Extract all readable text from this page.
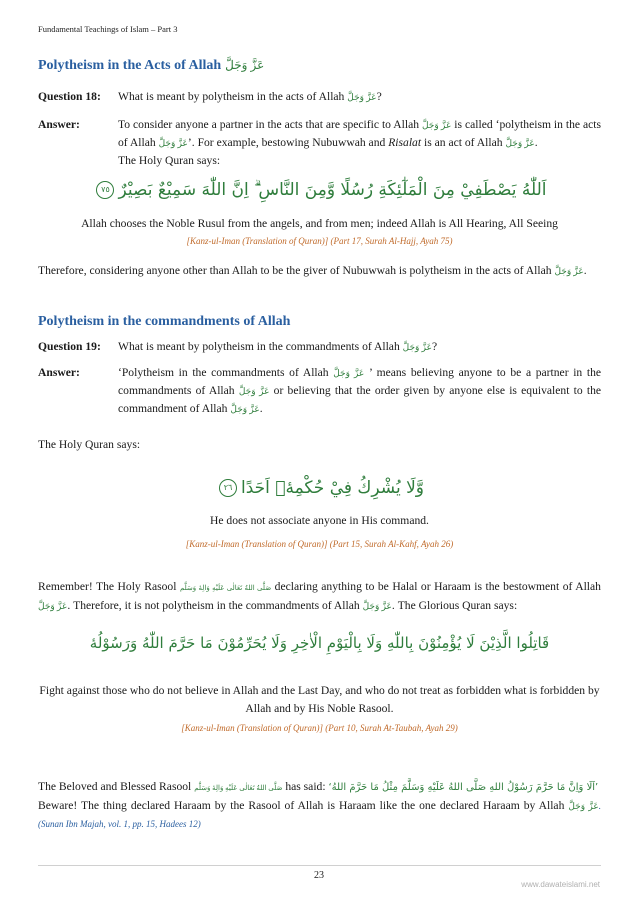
Fundamental Teachings of Islam – Part 3
Polytheism in the Acts of Allah عَزَّ وَجَلَّ
Question 18: What is meant by polytheism in the acts of Allah عَزَّ وَجَلَّ?
Answer:	To consider anyone a partner in the acts that are specific to Allah عَزَّ وَجَلَّ is called ‘polytheism in the acts of Allah عَزَّ وَجَلَّ’. For example, bestowing Nubuwwah and Risalat is an act of Allah عَزَّ وَجَلَّ.
The Holy Quran says:
اَللّٰهُ يَصْطَفِيْ مِنَ الْمَلٰٓئِكَةِ رُسُلًا وَّمِنَ النَّاسِ ۗ اِنَّ اللّٰهَ سَمِيْعٌ بَصِيْرٌ٧٥
Allah chooses the Noble Rusul from the angels, and from men; indeed Allah is All Hearing, All Seeing
[Kanz-ul-Iman (Translation of Quran)] (Part 17, Surah Al-Hajj, Ayah 75)
Therefore, considering anyone other than Allah to be the giver of Nubuwwah is polytheism in the acts of Allah عَزَّ وَجَلَّ.
Polytheism in the commandments of Allah
Question 19: What is meant by polytheism in the commandments of Allah عَزَّ وَجَلَّ?
Answer:	‘Polytheism in the commandments of Allah عَزَّ وَجَلَّ ’ means believing anyone to be a partner in the commandments of Allah عَزَّ وَجَلَّ or believing that the order given by anyone else is equivalent to the commandment of Allah عَزَّ وَجَلَّ.
The Holy Quran says:
وَّلَا يُشْرِكُ فِيْ حُكْمِهٖٔ اَحَدًا٢٦
He does not associate anyone in His command.
[Kanz-ul-Iman (Translation of Quran)] (Part 15, Surah Al-Kahf, Ayah 26)
Remember! The Holy Rasool صَلَّى اللهُ تَعَالٰى عَلَيْهِ وَالِهٔ وَسَلَّم declaring anything to be Halal or Haraam is the bestowment of Allah عَزَّ وَجَلَّ. Therefore, it is not polytheism in the commandments of Allah عَزَّ وَجَلَّ. The Glorious Quran says:
قَاتِلُوا الَّذِيْنَ لَا يُؤْمِنُوْنَ بِاللّٰهِ وَلَا بِالْيَوْمِ الْاٰخِرِ وَلَا يُحَرِّمُوْنَ مَا حَرَّمَ اللّٰهُ وَرَسُوْلُهٔ
Fight against those who do not believe in Allah and the Last Day, and who do not treat as forbidden what is forbidden by Allah and by His Noble Rasool.
[Kanz-ul-Iman (Translation of Quran)] (Part 10, Surah At-Taubah, Ayah 29)
The Beloved and Blessed Rasool صَلَّى اللهُ تَعَالٰى عَلَيْهِ وَالِهٔ وَسَلَّم has said: ‘اَلَا وَاِنَّ مَا حَرَّمَ رَسُوْلُ اللهِ صَلَّى اللهُ عَلَيْهِ وَسَلَّمَ مِثْلُ مَا حَرَّمَ اللهُ’
Beware! The thing declared Haraam by the Rasool of Allah is Haraam like the one declared Haraam by Allah عَزَّ وَجَلَّ. (Sunan Ibn Majah, vol. 1, pp. 15, Hadees 12)
23
www.dawateislami.net
